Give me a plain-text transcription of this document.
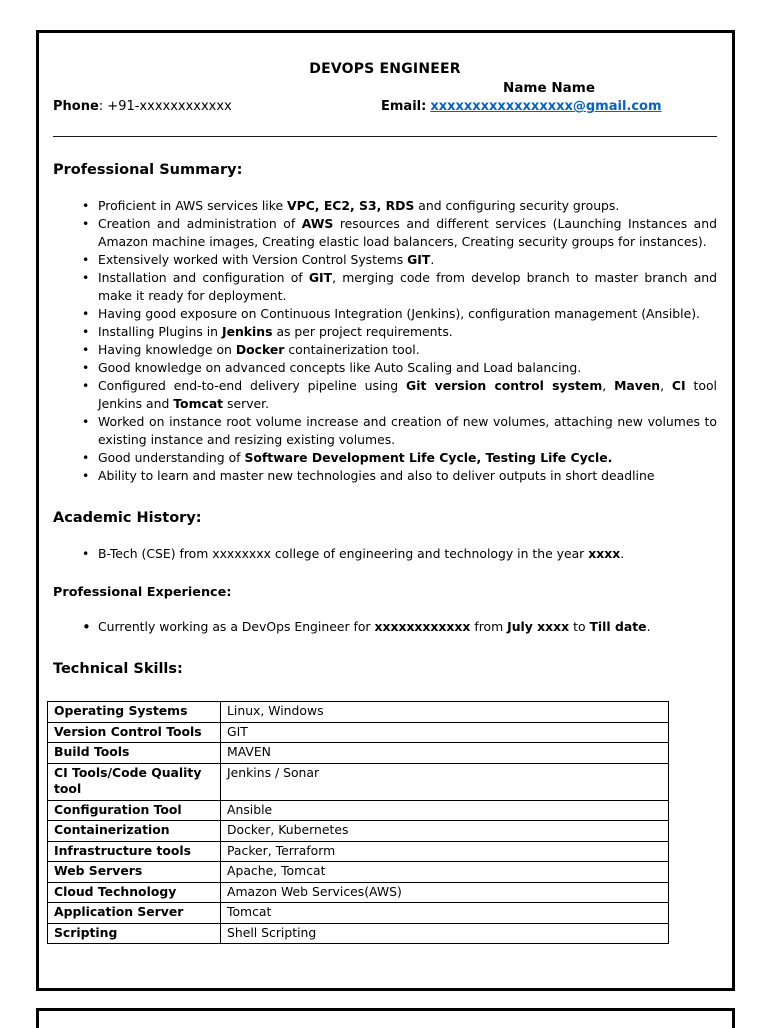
DEVOPS ENGINEER
Phone: +91-xxxxxxxxxxxx
Name Name
Email: xxxxxxxxxxxxxxxxx@gmail.com
Professional Summary:
• Proficient in AWS services like VPC, EC2, S3, RDS and configuring security groups.
• Creation and administration of AWS resources and different services (Launching Instances and Amazon machine images, Creating elastic load balancers, Creating security groups for instances).
• Extensively worked with Version Control Systems GIT.
• Installation and configuration of GIT, merging code from develop branch to master branch and make it ready for deployment.
• Having good exposure on Continuous Integration (Jenkins), configuration management (Ansible).
• Installing Plugins in Jenkins as per project requirements.
• Having knowledge on Docker containerization tool.
• Good knowledge on advanced concepts like Auto Scaling and Load balancing.
• Configured end-to-end delivery pipeline using Git version control system, Maven, CI tool Jenkins and Tomcat server.
• Worked on instance root volume increase and creation of new volumes, attaching new volumes to existing instance and resizing existing volumes.
• Good understanding of Software Development Life Cycle, Testing Life Cycle.
• Ability to learn and master new technologies and also to deliver outputs in short deadline
Academic History:
• B-Tech (CSE) from xxxxxxxx college of engineering and technology in the year xxxx.
Professional Experience:
• Currently working as a DevOps Engineer for xxxxxxxxxxxx from July xxxx to Till date.
Technical Skills:
Operating Systems	Linux, Windows
Version Control Tools	GIT
Build Tools	MAVEN
CI Tools/Code Quality tool	Jenkins / Sonar
Configuration Tool	Ansible
Containerization	Docker, Kubernetes
Infrastructure tools	Packer, Terraform
Web Servers	Apache, Tomcat
Cloud Technology	Amazon Web Services(AWS)
Application Server	Tomcat
Scripting	Shell Scripting
